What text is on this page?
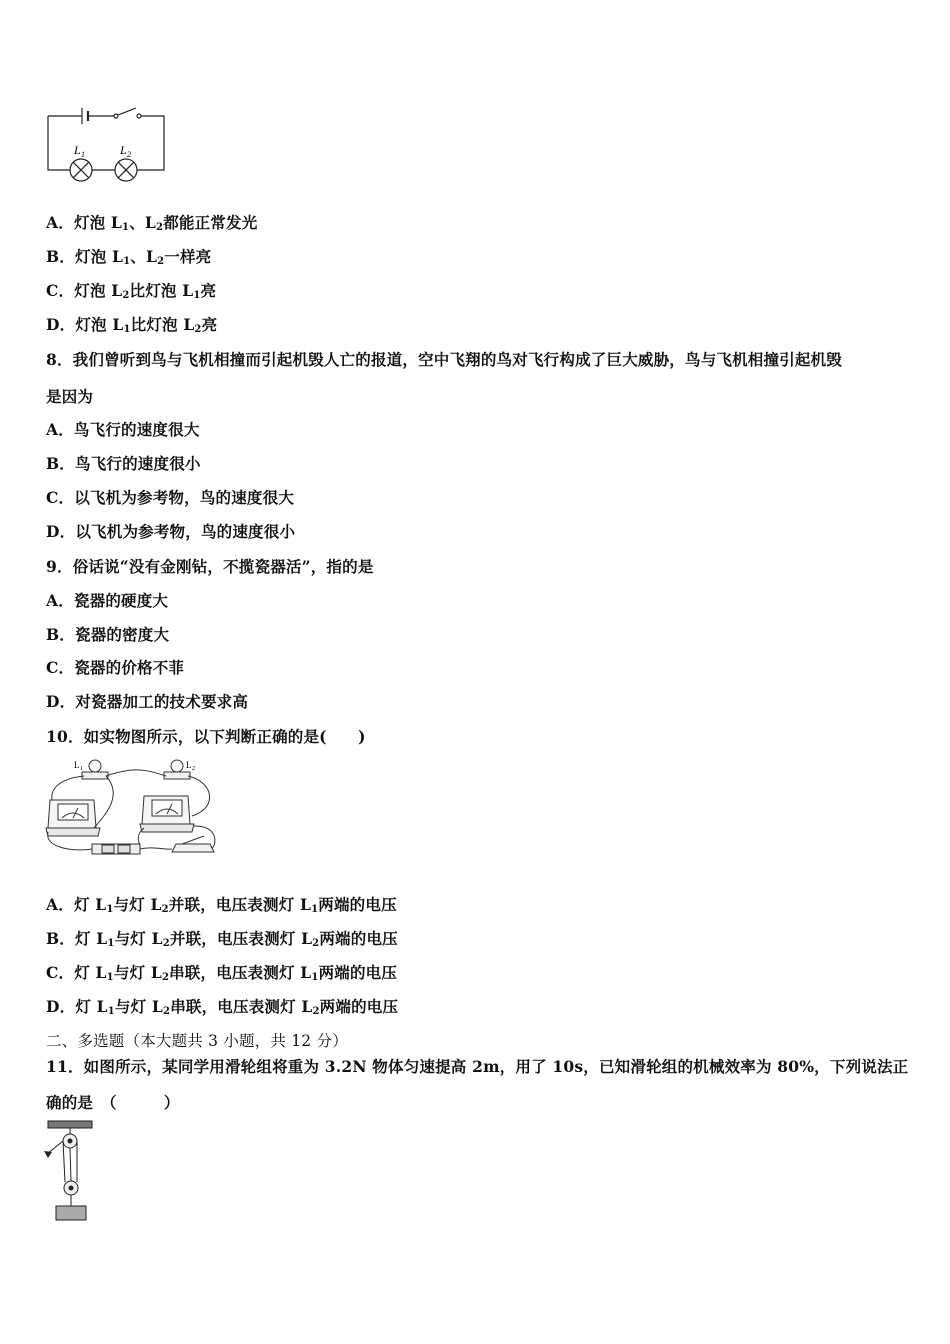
L 1	L 2
A．灯泡 $L_1$、$L_2$都能正常发光
B．灯泡 $L_1$、$L_2$一样亮
C．灯泡 $L_2$比灯泡 $L_1$亮
D．灯泡 $L_1$比灯泡 $L_2$亮
8．我们曾听到鸟与飞机相撞而引起机毁人亡的报道，空中飞翔的鸟对飞行构成了巨大威胁，鸟与飞机相撞引起机毁
是因为
A．鸟飞行的速度很大
B．鸟飞行的速度很小
C．以飞机为参考物，鸟的速度很大
D．以飞机为参考物，鸟的速度很小
9．俗话说“没有金刚钻，不揽瓷器活”，指的是
A．瓷器的硬度大
B．瓷器的密度大
C．瓷器的价格不菲
D．对瓷器加工的技术要求高
10．如实物图所示，以下判断正确的是(　　)
L 1	L 2
A．灯 $L_1$与灯 $L_2$并联，电压表测灯 $L_1$两端的电压
B．灯 $L_1$与灯 $L_2$并联，电压表测灯 $L_2$两端的电压
C．灯 $L_1$与灯 $L_2$串联，电压表测灯 $L_1$两端的电压
D．灯 $L_1$与灯 $L_2$串联，电压表测灯 $L_2$两端的电压
二、多选题（本大题共 3 小题，共 12 分）
11．如图所示，某同学用滑轮组将重为 3.2N 物体匀速提高 2m，用了 10s，已知滑轮组的机械效率为 80%，下列说法正
确的是　（　　　）
